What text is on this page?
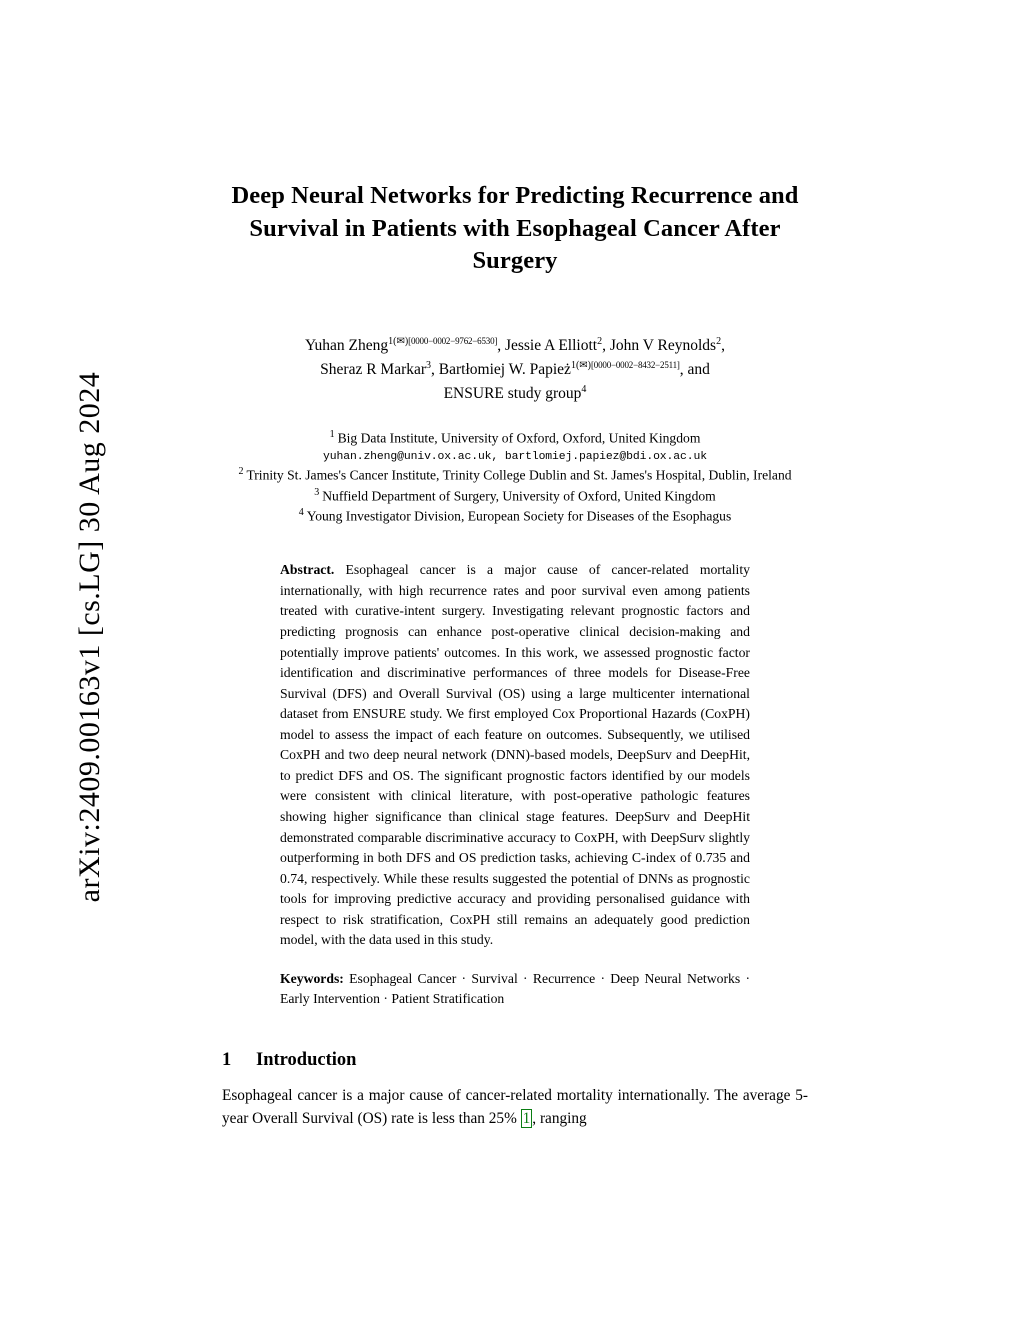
arXiv:2409.00163v1 [cs.LG] 30 Aug 2024
Deep Neural Networks for Predicting Recurrence and Survival in Patients with Esophageal Cancer After Surgery
Yuhan Zheng$^{1(✉)[0000-0002-9762-6530]}$, Jessie A Elliott$^2$, John V Reynolds$^2$,
Sheraz R Markar$^3$, Bartłomiej W. Papież$^{1(✉)[0000-0002-8432-2511]}$, and
ENSURE study group$^4$
$^1$ Big Data Institute, University of Oxford, Oxford, United Kingdom
yuhan.zheng@univ.ox.ac.uk, bartlomiej.papiez@bdi.ox.ac.uk
$^2$ Trinity St. James's Cancer Institute, Trinity College Dublin and St. James's Hospital, Dublin, Ireland
$^3$ Nuffield Department of Surgery, University of Oxford, United Kingdom
$^4$ Young Investigator Division, European Society for Diseases of the Esophagus
Abstract. Esophageal cancer is a major cause of cancer-related mortality internationally, with high recurrence rates and poor survival even among patients treated with curative-intent surgery. Investigating relevant prognostic factors and predicting prognosis can enhance post-operative clinical decision-making and potentially improve patients' outcomes. In this work, we assessed prognostic factor identification and discriminative performances of three models for Disease-Free Survival (DFS) and Overall Survival (OS) using a large multicenter international dataset from ENSURE study. We first employed Cox Proportional Hazards (CoxPH) model to assess the impact of each feature on outcomes. Subsequently, we utilised CoxPH and two deep neural network (DNN)-based models, DeepSurv and DeepHit, to predict DFS and OS. The significant prognostic factors identified by our models were consistent with clinical literature, with post-operative pathologic features showing higher significance than clinical stage features. DeepSurv and DeepHit demonstrated comparable discriminative accuracy to CoxPH, with DeepSurv slightly outperforming in both DFS and OS prediction tasks, achieving C-index of 0.735 and 0.74, respectively. While these results suggested the potential of DNNs as prognostic tools for improving predictive accuracy and providing personalised guidance with respect to risk stratification, CoxPH still remains an adequately good prediction model, with the data used in this study.
Keywords: Esophageal Cancer · Survival · Recurrence · Deep Neural Networks · Early Intervention · Patient Stratification
1 Introduction
Esophageal cancer is a major cause of cancer-related mortality internationally. The average 5-year Overall Survival (OS) rate is less than 25% 1 , ranging
